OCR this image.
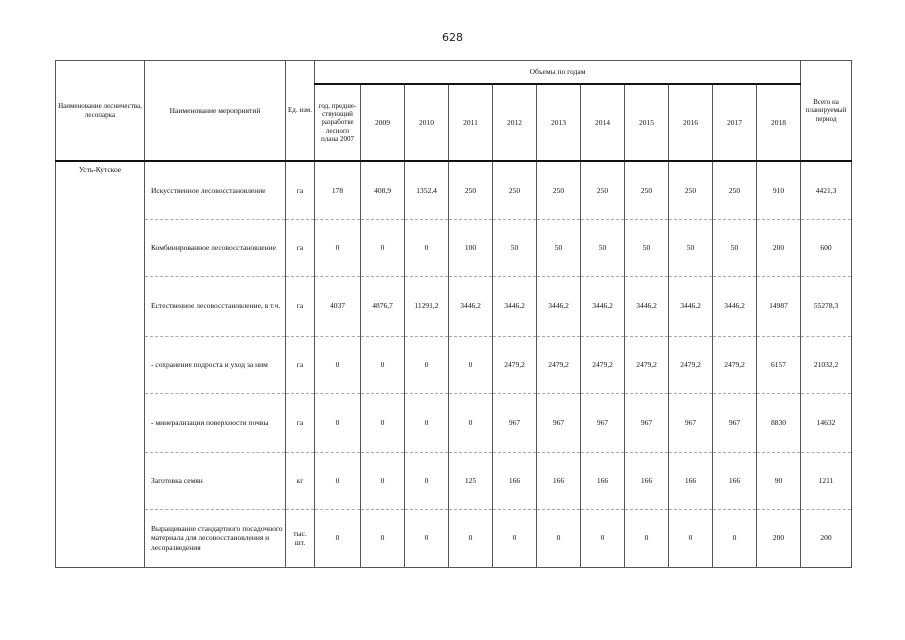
628
Наименование лесничества, лесопарка	Наименование мероприятий	Ед. изм.	Объемы по годам											Всего на планируемый период
			год, предше-ствующий разработке лесного плана 2007	2009	2010	2011	2012	2013	2014	2015	2016	2017	2018	
Усть-Кутское	Искусственное лесовосстановление	га	178	408,9	1352,4	250	250	250	250	250	250	250	910	4421,3
	Комбинированное лесовосстановление	га	0	0	0	100	50	50	50	50	50	50	200	600
	Естественное лесовосстановление, в т.ч.	га	4037	4876,7	11291,2	3446,2	3446,2	3446,2	3446,2	3446,2	3446,2	3446,2	14987	55278,3
	- сохранение подроста и уход за ним	га	0	0	0	0	2479,2	2479,2	2479,2	2479,2	2479,2	2479,2	6157	21032,2
	- минерализация поверхности почвы	га	0	0	0	0	967	967	967	967	967	967	8830	14632
	Заготовка семян	кг	0	0	0	125	166	166	166	166	166	166	90	1211
	Выращивание стандартного посадочного материала для лесовосстановления и лесоразведения	тыс. шт.	0	0	0	0	0	0	0	0	0	0	200	200
